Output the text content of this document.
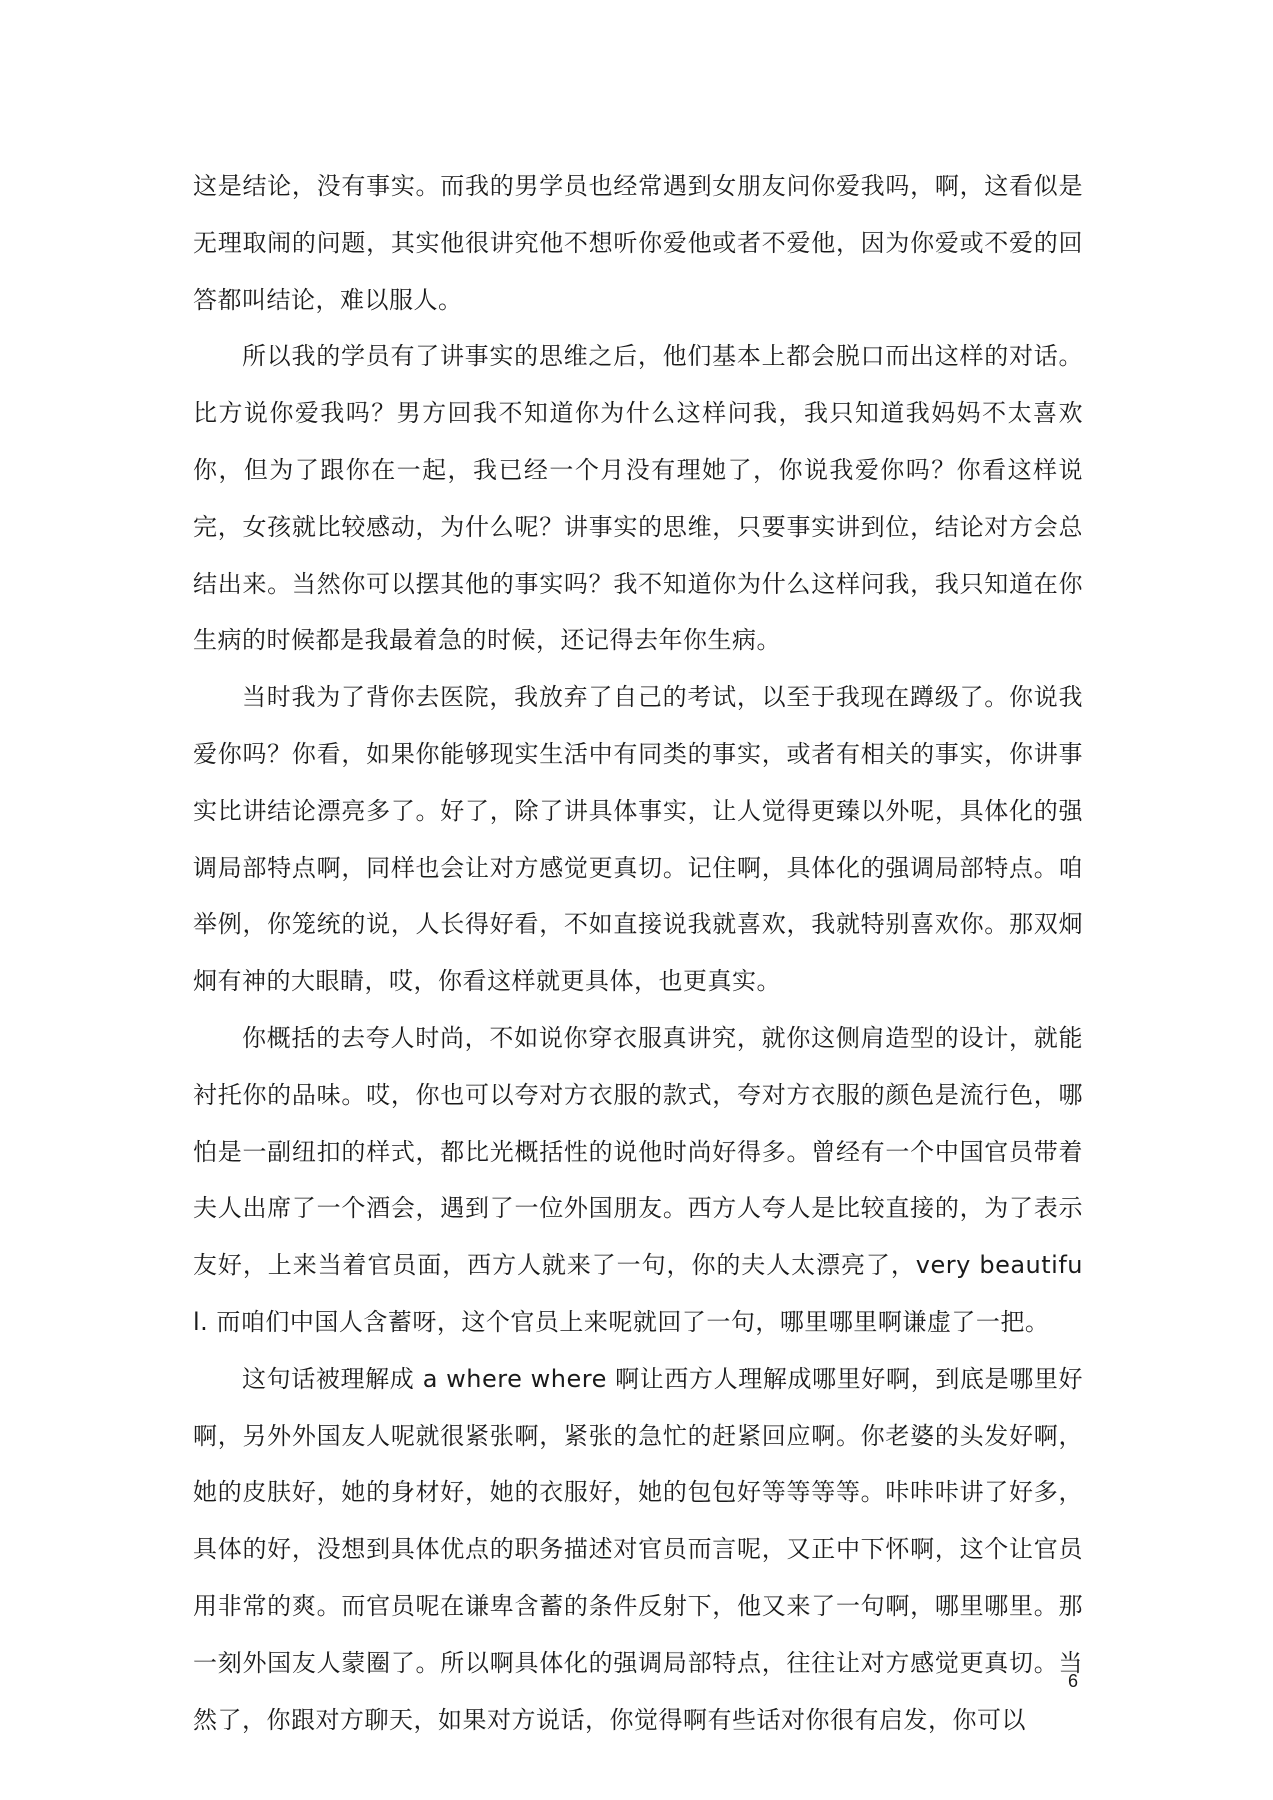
这是结论，没有事实。而我的男学员也经常遇到女朋友问你爱我吗，啊，这看似是无理取闹的问题，其实他很讲究他不想听你爱他或者不爱他，因为你爱或不爱的回答都叫结论，难以服人。

所以我的学员有了讲事实的思维之后，他们基本上都会脱口而出这样的对话。比方说你爱我吗？男方回我不知道你为什么这样问我，我只知道我妈妈不太喜欢你，但为了跟你在一起，我已经一个月没有理她了，你说我爱你吗？你看这样说完，女孩就比较感动，为什么呢？讲事实的思维，只要事实讲到位，结论对方会总结出来。当然你可以摆其他的事实吗？我不知道你为什么这样问我，我只知道在你生病的时候都是我最着急的时候，还记得去年你生病。

当时我为了背你去医院，我放弃了自己的考试，以至于我现在蹲级了。你说我爱你吗？你看，如果你能够现实生活中有同类的事实，或者有相关的事实，你讲事实比讲结论漂亮多了。好了，除了讲具体事实，让人觉得更臻以外呢，具体化的强调局部特点啊，同样也会让对方感觉更真切。记住啊，具体化的强调局部特点。咱举例，你笼统的说，人长得好看，不如直接说我就喜欢，我就特别喜欢你。那双炯炯有神的大眼睛，哎，你看这样就更具体，也更真实。

你概括的去夸人时尚，不如说你穿衣服真讲究，就你这侧肩造型的设计，就能衬托你的品味。哎，你也可以夸对方衣服的款式，夸对方衣服的颜色是流行色，哪怕是一副纽扣的样式，都比光概括性的说他时尚好得多。曾经有一个中国官员带着夫人出席了一个酒会，遇到了一位外国朋友。西方人夸人是比较直接的，为了表示友好，上来当着官员面，西方人就来了一句，你的夫人太漂亮了，very beautiful. 而咱们中国人含蓄呀，这个官员上来呢就回了一句，哪里哪里啊谦虚了一把。

这句话被理解成 a where where 啊让西方人理解成哪里好啊，到底是哪里好啊，另外外国友人呢就很紧张啊，紧张的急忙的赶紧回应啊。你老婆的头发好啊，她的皮肤好，她的身材好，她的衣服好，她的包包好等等等等。咔咔咔讲了好多，具体的好，没想到具体优点的职务描述对官员而言呢，又正中下怀啊，这个让官员用非常的爽。而官员呢在谦卑含蓄的条件反射下，他又来了一句啊，哪里哪里。那一刻外国友人蒙圈了。所以啊具体化的强调局部特点，往往让对方感觉更真切。当然了，你跟对方聊天，如果对方说话，你觉得啊有些话对你很有启发，你可以

6
